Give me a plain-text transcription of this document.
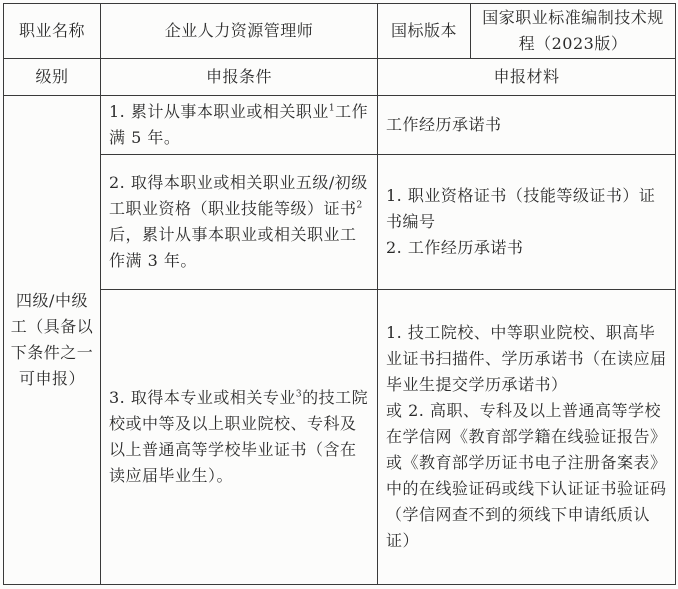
职业名称	企业人力资源管理师	国标版本	国家职业标准编制技术规程（2023版）
级别	申报条件	申报材料	
四级/中级工（具备以下条件之一可申报）	1. 累计从事本职业或相关职业$^1$工作满 5 年。	工作经历承诺书	
	2. 取得本职业或相关职业五级/初级工职业资格（职业技能等级）证书$^2$后，累计从事本职业或相关职业工作满 3 年。	1. 职业资格证书（技能等级证书）证书编号
2. 工作经历承诺书	

	3. 取得本专业或相关专业$^3$的技工院校或中等及以上职业院校、专科及以上普通高等学校毕业证书（含在读应届毕业生）。	1. 技工院校、中等职业院校、职高毕业证书扫描件、学历承诺书（在读应届毕业生提交学历承诺书）
或 2. 高职、专科及以上普通高等学校在学信网《教育部学籍在线验证报告》或《教育部学历证书电子注册备案表》中的在线验证码或线下认证证书验证码（学信网查不到的须线下申请纸质认证）	
